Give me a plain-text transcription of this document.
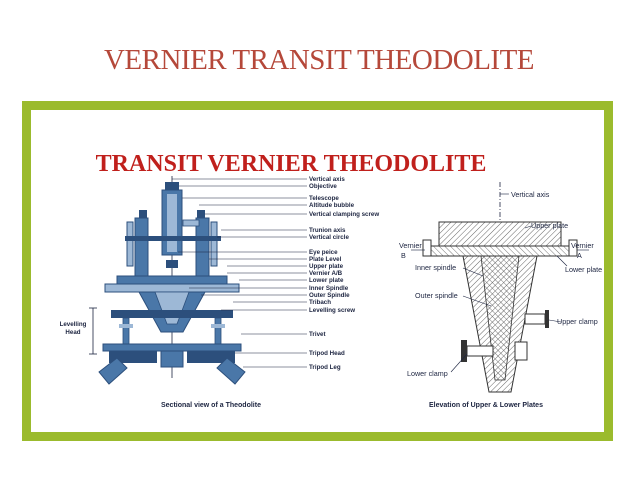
VERNIER TRANSIT THEODOLITE
TRANSIT VERNIER THEODOLITE
Levelling
Head
Vertical axis
Objective
Telescope
Altitude bubble
Vertical clamping screw
Trunion axis
Vertical circle
Eye peice
Plate Level
Upper plate
Vernier A/B
Lower plate
Inner Spindle
Outer Spindle
Tribach
Levelling screw
Trivet
Tripod Head
Tripod Leg
Sectional view of a Theodolite
Vertical axis
Upper plate
Vernier
B
Vernier
A
Lower plate
Inner spindle
Outer spindle
Upper clamp
Lower clamp
Elevation of Upper & Lower Plates
